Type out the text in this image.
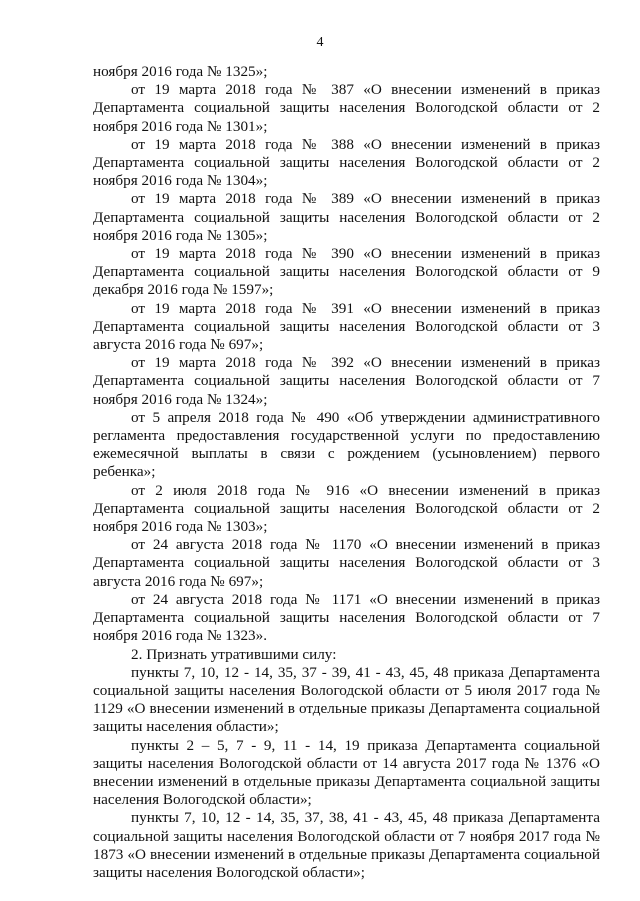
4

ноября 2016 года № 1325»;

от 19 марта 2018 года № 387 «О внесении изменений в приказ Департамента социальной защиты населения Вологодской области от 2 ноября 2016 года № 1301»;

от 19 марта 2018 года № 388 «О внесении изменений в приказ Департамента социальной защиты населения Вологодской области от 2 ноября 2016 года № 1304»;

от 19 марта 2018 года № 389 «О внесении изменений в приказ Департамента социальной защиты населения Вологодской области от 2 ноября 2016 года № 1305»;

от 19 марта 2018 года № 390 «О внесении изменений в приказ Департамента социальной защиты населения Вологодской области от 9 декабря 2016 года № 1597»;

от 19 марта 2018 года № 391 «О внесении изменений в приказ Департамента социальной защиты населения Вологодской области от 3 августа 2016 года № 697»;

от 19 марта 2018 года № 392 «О внесении изменений в приказ Департамента социальной защиты населения Вологодской области от 7 ноября 2016 года № 1324»;

от 5 апреля 2018 года № 490 «Об утверждении административного регламента предоставления государственной услуги по предоставлению ежемесячной выплаты в связи с рождением (усыновлением) первого ребенка»;

от 2 июля 2018 года № 916 «О внесении изменений в приказ Департамента социальной защиты населения Вологодской области от 2 ноября 2016 года № 1303»;

от 24 августа 2018 года № 1170 «О внесении изменений в приказ Департамента социальной защиты населения Вологодской области от 3 августа 2016 года № 697»;

от 24 августа 2018 года № 1171 «О внесении изменений в приказ Департамента социальной защиты населения Вологодской области от 7 ноября 2016 года № 1323».

2. Признать утратившими силу:

пункты 7, 10, 12 - 14, 35, 37 - 39, 41 - 43, 45, 48 приказа Департамента социальной защиты населения Вологодской области от 5 июля 2017 года № 1129 «О внесении изменений в отдельные приказы Департамента социальной защиты населения области»;

пункты 2 – 5, 7 - 9, 11 - 14, 19 приказа Департамента социальной защиты населения Вологодской области от 14 августа 2017 года № 1376 «О внесении изменений в отдельные приказы Департамента социальной защиты населения Вологодской области»;

пункты 7, 10, 12 - 14, 35, 37, 38, 41 - 43, 45, 48 приказа Департамента социальной защиты населения Вологодской области от 7 ноября 2017 года № 1873 «О внесении изменений в отдельные приказы Департамента социальной защиты населения Вологодской области»;
